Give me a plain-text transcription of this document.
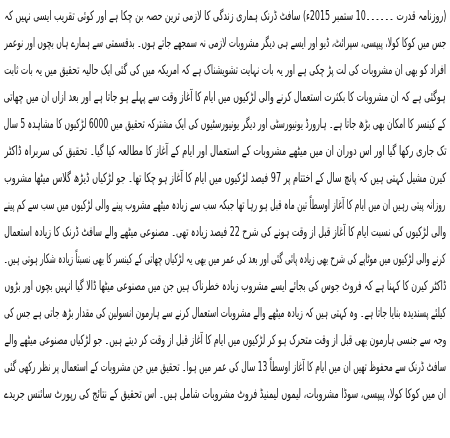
(روزنامہ قدرت ۔۔۔۔۔۔10 ستمبر 2015ء) سافٹ ڈرنک ہماری زندگی کا لازمی ترین حصہ بن چکا ہے اور کوئی تقریب ایسی نہیں کہ
جس میں کوکا کولا، پیپسی، سپرائٹ، ڈیو اور ایسے ہی دیگر مشروبات لازمی نہ سمجھے جاتے ہوں۔ بدقسمتی سے ہمارے ہاں بچوں اور نوعمر
افراد کو بھی ان مشروبات کی لت پڑ چکی ہے اور یہ بات نہایت تشویشناک ہے کہ امریکہ میں کی گئی ایک حالیہ تحقیق میں یہ بات ثابت
ہوگئی ہے کہ ان مشروبات کا بکثرت استعمال کرنے والی لڑکیوں میں ایام کا آغاز وقت سے پہلے ہو جاتا ہے اور بعد ازاں ان میں چھاتی
کے کینسر کا امکان بھی بڑھ جاتا ہے۔ ہارورڈ یونیورسٹی اور دیگر یونیورسٹیوں کی ایک مشترکہ تحقیق میں 6000 لڑکیوں کا مشاہدہ 5 سال
تک جاری رکھا گیا اور اس دوران ان میں میٹھے مشروبات کے استعمال اور ایام کے آغاز کا مطالعہ کیا گیا۔ تحقیق کی سربراہ ڈاکٹر
کیرن مشیل کہتی ہیں کہ پانچ سال کے اختتام پر 97 فیصد لڑکیوں میں ایام کا آغاز ہو چکا تھا۔ جو لڑکیاں ڈیڑھ گلاس میٹھا مشروب
روزانہ پیتی رہیں ان میں ایام کا آغاز اوسطاً تین ماہ قبل ہو رہا تھا جبکہ سب سے زیادہ میٹھے مشروب پینے والی لڑکیوں میں سب سے کم پینے
والی لڑکیوں کی نسبت ایام کا آغاز قبل از وقت ہونے کی شرح 22 فیصد زیادہ تھی۔ مصنوعی میٹھے والے سافٹ ڈرنک کا زیادہ استعمال
کرنے والی لڑکیوں میں موٹاپے کی شرح بھی زیادہ پائی گئی اور بعد کی عمر میں بھی یہ لڑکیاں چھاتی کے کینسر کا بھی نسبتاً زیادہ شکار ہوتی ہیں۔
ڈاکٹر کیرن کا کہنا ہے کہ فروٹ جوس کی بجائے ایسے مشروب زیادہ خطرناک ہیں جن میں مصنوعی میٹھا ڈالا گیا انہیں بچوں اور بڑوں
کیلئے پسندیدہ بنایا جاتا ہے۔ وہ کہتی ہیں کہ زیادہ میٹھے والے مشروبات استعمال کرنے سے ہارمون انسولین کی مقدار بڑھ جاتی ہے جس کی
وجہ سے جنسی ہارمون بھی قبل از وقت متحرک ہو کر لڑکیوں میں ایام کا آغاز قبل از وقت کر دیتے ہیں۔ جو لڑکیاں مصنوعی میٹھے والے
سافٹ ڈرنک سے محفوظ تھیں ان میں ایام کا آغاز اوسطاً 13 سال کی عمر میں ہوا۔ تحقیق میں جن مشروبات کے استعمال پر نظر رکھی گئی
ان میں کوکا کولا، پیپسی، سوڈا مشروبات، لیموں لیمنیڈ فروٹ مشروبات شامل ہیں۔ اس تحقیق کے نتائج کی رپورٹ سائنس جریدے
